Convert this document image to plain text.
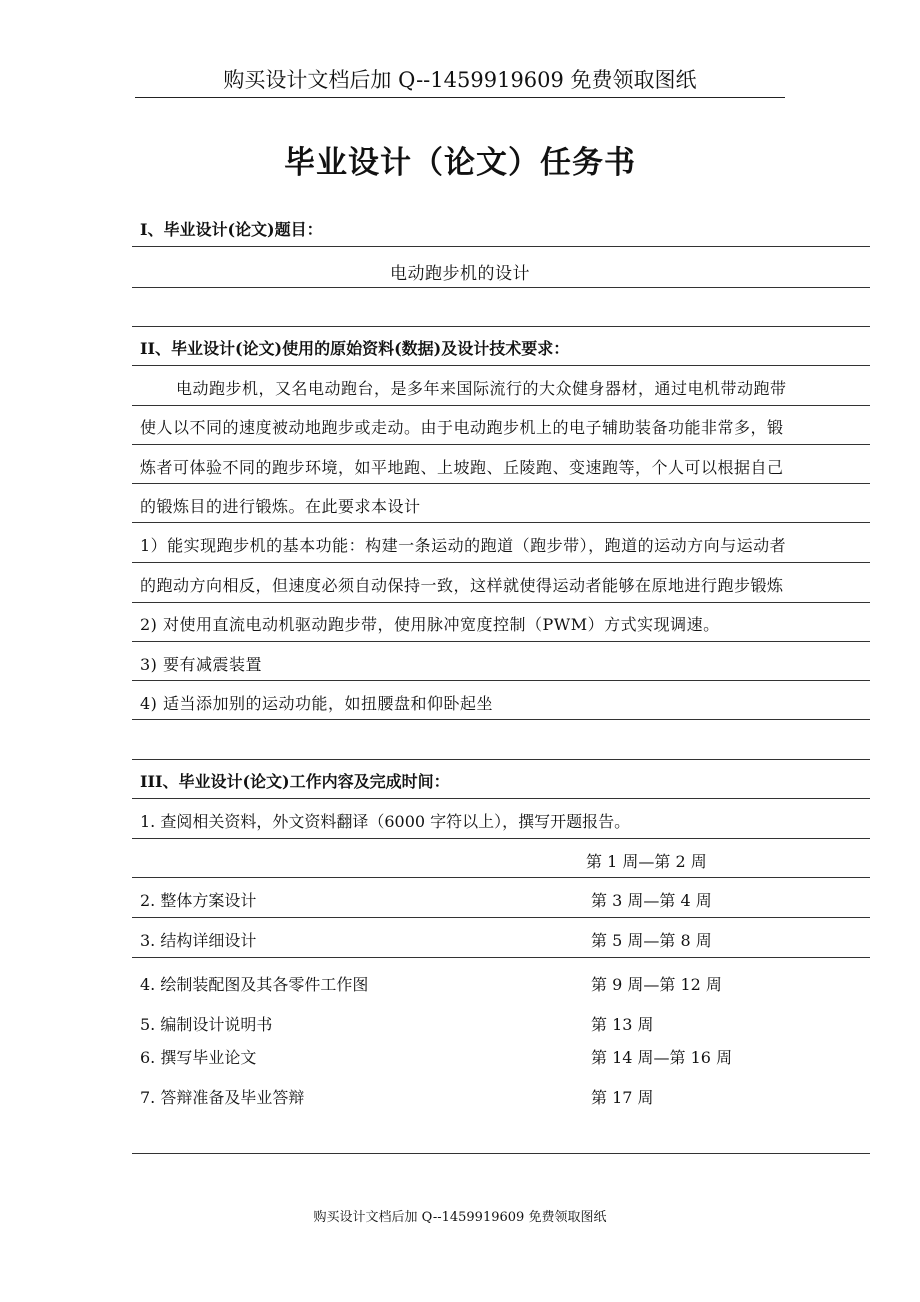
购买设计文档后加 Q--1459919609 免费领取图纸
毕业设计（论文）任务书
I、毕业设计(论文)题目：
电动跑步机的设计
II、毕业设计(论文)使用的原始资料(数据)及设计技术要求：
电动跑步机，又名电动跑台，是多年来国际流行的大众健身器材，通过电机带动跑带
使人以不同的速度被动地跑步或走动。由于电动跑步机上的电子辅助装备功能非常多，锻
炼者可体验不同的跑步环境，如平地跑、上坡跑、丘陵跑、变速跑等，个人可以根据自己
的锻炼目的进行锻炼。在此要求本设计
1）能实现跑步机的基本功能：构建一条运动的跑道（跑步带），跑道的运动方向与运动者
的跑动方向相反，但速度必须自动保持一致，这样就使得运动者能够在原地进行跑步锻炼
2) 对使用直流电动机驱动跑步带，使用脉冲宽度控制（PWM）方式实现调速。
3) 要有减震装置
4) 适当添加别的运动功能，如扭腰盘和仰卧起坐
III、毕业设计(论文)工作内容及完成时间：
1. 查阅相关资料，外文资料翻译（6000 字符以上），撰写开题报告。
第 1 周—第 2 周
2. 整体方案设计	第 3 周—第 4 周
3. 结构详细设计	第 5 周—第 8 周
4. 绘制装配图及其各零件工作图	第 9 周—第 12 周
5. 编制设计说明书	第 13 周
6. 撰写毕业论文	第 14 周—第 16 周
7. 答辩准备及毕业答辩	第 17 周
购买设计文档后加 Q--1459919609 免费领取图纸
